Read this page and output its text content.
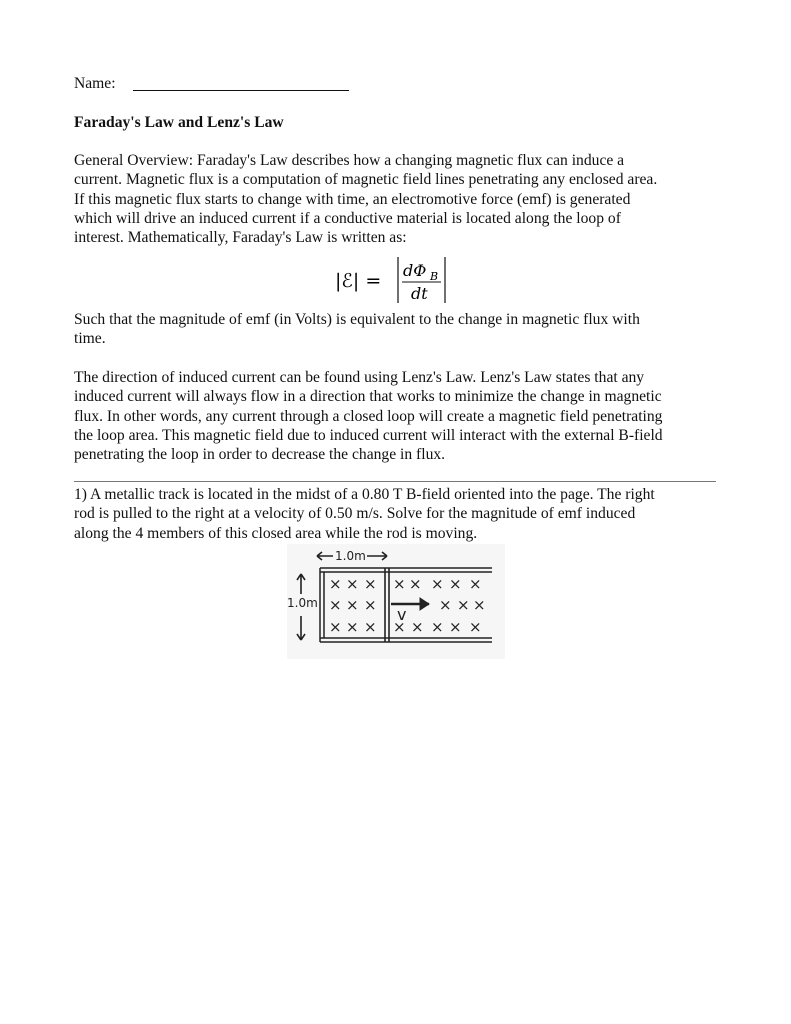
Name:
Faraday's Law and Lenz's Law
General Overview: Faraday's Law describes how a changing magnetic flux can induce a
current. Magnetic flux is a computation of magnetic field lines penetrating any enclosed area.
If this magnetic flux starts to change with time, an electromotive force (emf) is generated
which will drive an induced current if a conductive material is located along the loop of
interest. Mathematically, Faraday's Law is written as:
|ℰ| = dΦ B
dt
Such that the magnitude of emf (in Volts) is equivalent to the change in magnetic flux with
time.
The direction of induced current can be found using Lenz's Law. Lenz's Law states that any
induced current will always flow in a direction that works to minimize the change in magnetic
flux. In other words, any current through a closed loop will create a magnetic field penetrating
the loop area. This magnetic field due to induced current will interact with the external B-field
penetrating the loop in order to decrease the change in flux.
1) A metallic track is located in the midst of a 0.80 T B-field oriented into the page. The right
rod is pulled to the right at a velocity of 0.50 m/s. Solve for the magnitude of emf induced
along the 4 members of this closed area while the rod is moving.
1.0m
1.0m
× × ×
× × ×
× × ×
× × × × ×
× × ×
× × × × ×
v
